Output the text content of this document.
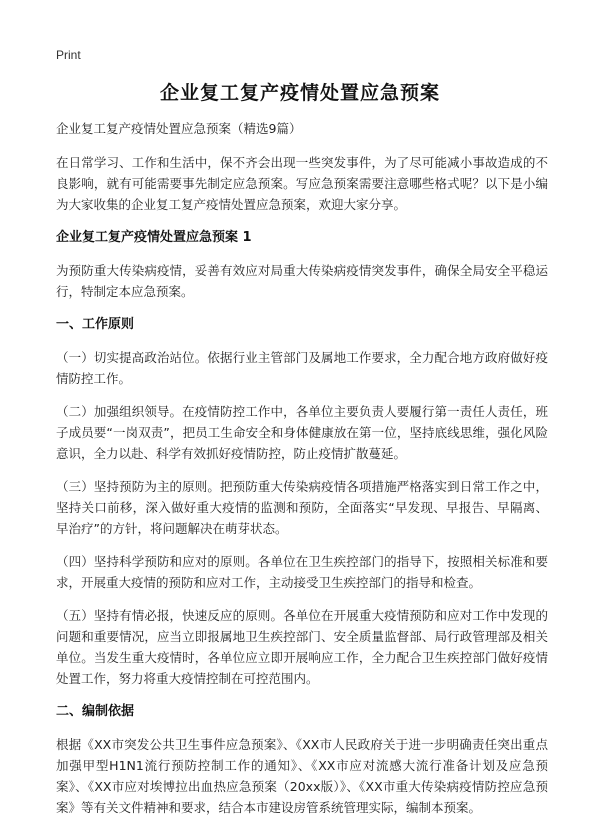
Print
企业复工复产疫情处置应急预案

企业复工复产疫情处置应急预案（精选9篇）

在日常学习、工作和生活中，保不齐会出现一些突发事件，为了尽可能减小事故造成的不良影响，就有可能需要事先制定应急预案。写应急预案需要注意哪些格式呢？以下是小编为大家收集的企业复工复产疫情处置应急预案，欢迎大家分享。

企业复工复产疫情处置应急预案 1

为预防重大传染病疫情，妥善有效应对局重大传染病疫情突发事件，确保全局安全平稳运行，特制定本应急预案。

一、工作原则

（一）切实提高政治站位。依据行业主管部门及属地工作要求，全力配合地方政府做好疫情防控工作。

（二）加强组织领导。在疫情防控工作中，各单位主要负责人要履行第一责任人责任，班子成员要“一岗双责”，把员工生命安全和身体健康放在第一位，坚持底线思维，强化风险意识，全力以赴、科学有效抓好疫情防控，防止疫情扩散蔓延。

（三）坚持预防为主的原则。把预防重大传染病疫情各项措施严格落实到日常工作之中，坚持关口前移，深入做好重大疫情的监测和预防，全面落实“早发现、早报告、早隔离、早治疗”的方针，将问题解决在萌芽状态。

（四）坚持科学预防和应对的原则。各单位在卫生疾控部门的指导下，按照相关标准和要求，开展重大疫情的预防和应对工作，主动接受卫生疾控部门的指导和检查。

（五）坚持有情必报，快速反应的原则。各单位在开展重大疫情预防和应对工作中发现的问题和重要情况，应当立即报属地卫生疾控部门、安全质量监督部、局行政管理部及相关单位。当发生重大疫情时，各单位应立即开展响应工作，全力配合卫生疾控部门做好疫情处置工作，努力将重大疫情控制在可控范围内。

二、编制依据

根据《XX市突发公共卫生事件应急预案》、《XX市人民政府关于进一步明确责任突出重点加强甲型H1N1流行预防控制工作的通知》、《XX市应对流感大流行准备计划及应急预案》、《XX市应对埃博拉出血热应急预案（20xx版）》、《XX市重大传染病疫情防控应急预案》等有关文件精神和要求，结合本市建设房管系统管理实际，编制本预案。
